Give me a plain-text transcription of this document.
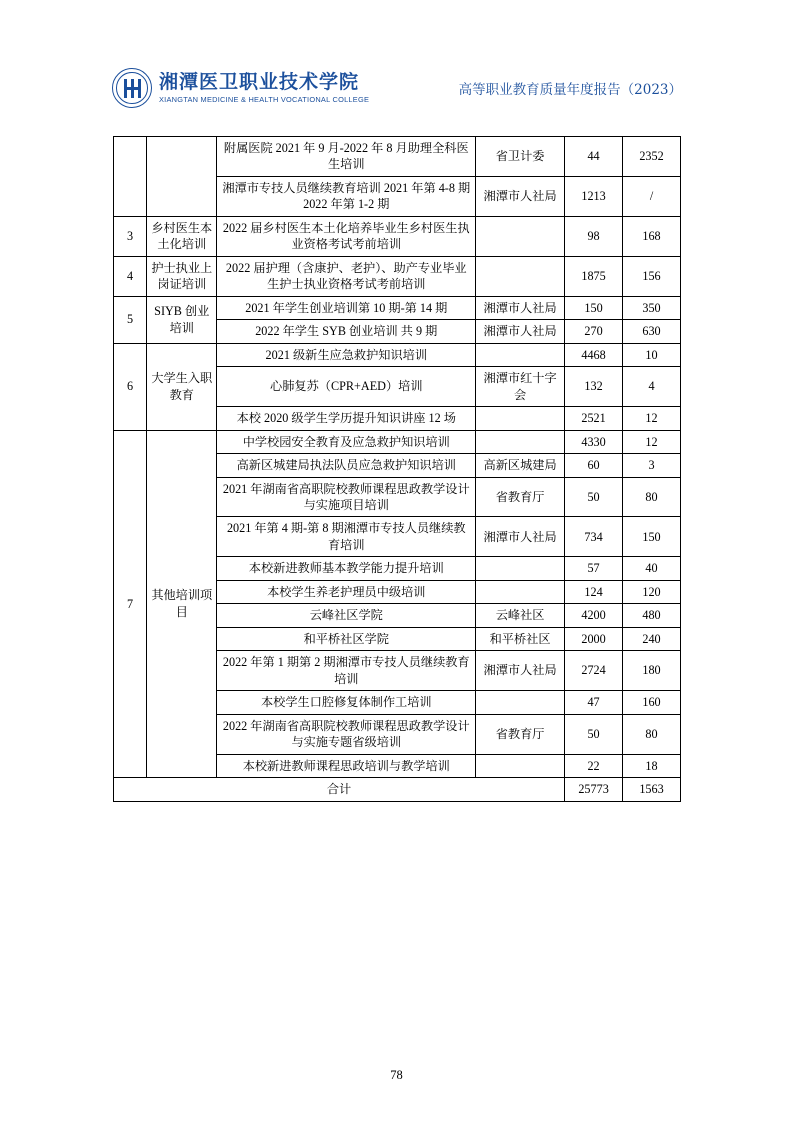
湘潭医卫职业技术学院
XIANGTAN MEDICINE & HEALTH VOCATIONAL COLLEGE
高等职业教育质量年度报告（2023）
		附属医院 2021 年 9 月-2022 年 8 月助理全科医生培训	省卫计委	44	2352
		湘潭市专技人员继续教育培训 2021 年第 4-8 期 2022 年第 1-2 期	湘潭市人社局	1213	/
3	乡村医生本土化培训	2022 届乡村医生本土化培养毕业生乡村医生执业资格考试考前培训		98	168
4	护士执业上岗证培训	2022 届护理（含康护、老护）、助产专业毕业生护士执业资格考试考前培训		1875	156
5	SIYB 创业培训	2021 年学生创业培训第 10 期-第 14 期	湘潭市人社局	150	350
		2022 年学生 SYB 创业培训 共 9 期	湘潭市人社局	270	630
6	大学生入职教育	2021 级新生应急救护知识培训		4468	10
		心肺复苏（CPR+AED）培训	湘潭市红十字会	132	4
		本校 2020 级学生学历提升知识讲座 12 场		2521	12
7	其他培训项目	中学校园安全教育及应急救护知识培训		4330	12
		高新区城建局执法队员应急救护知识培训	高新区城建局	60	3
		2021 年湖南省高职院校教师课程思政教学设计与实施项目培训	省教育厅	50	80
		2021 年第 4 期-第 8 期湘潭市专技人员继续教育培训	湘潭市人社局	734	150
		本校新进教师基本教学能力提升培训		57	40
		本校学生养老护理员中级培训		124	120
		云峰社区学院	云峰社区	4200	480
		和平桥社区学院	和平桥社区	2000	240
		2022 年第 1 期第 2 期湘潭市专技人员继续教育培训	湘潭市人社局	2724	180
		本校学生口腔修复体制作工培训		47	160
		2022 年湖南省高职院校教师课程思政教学设计与实施专题省级培训	省教育厅	50	80
		本校新进教师课程思政培训与教学培训		22	18
合计				25773	1563
78
